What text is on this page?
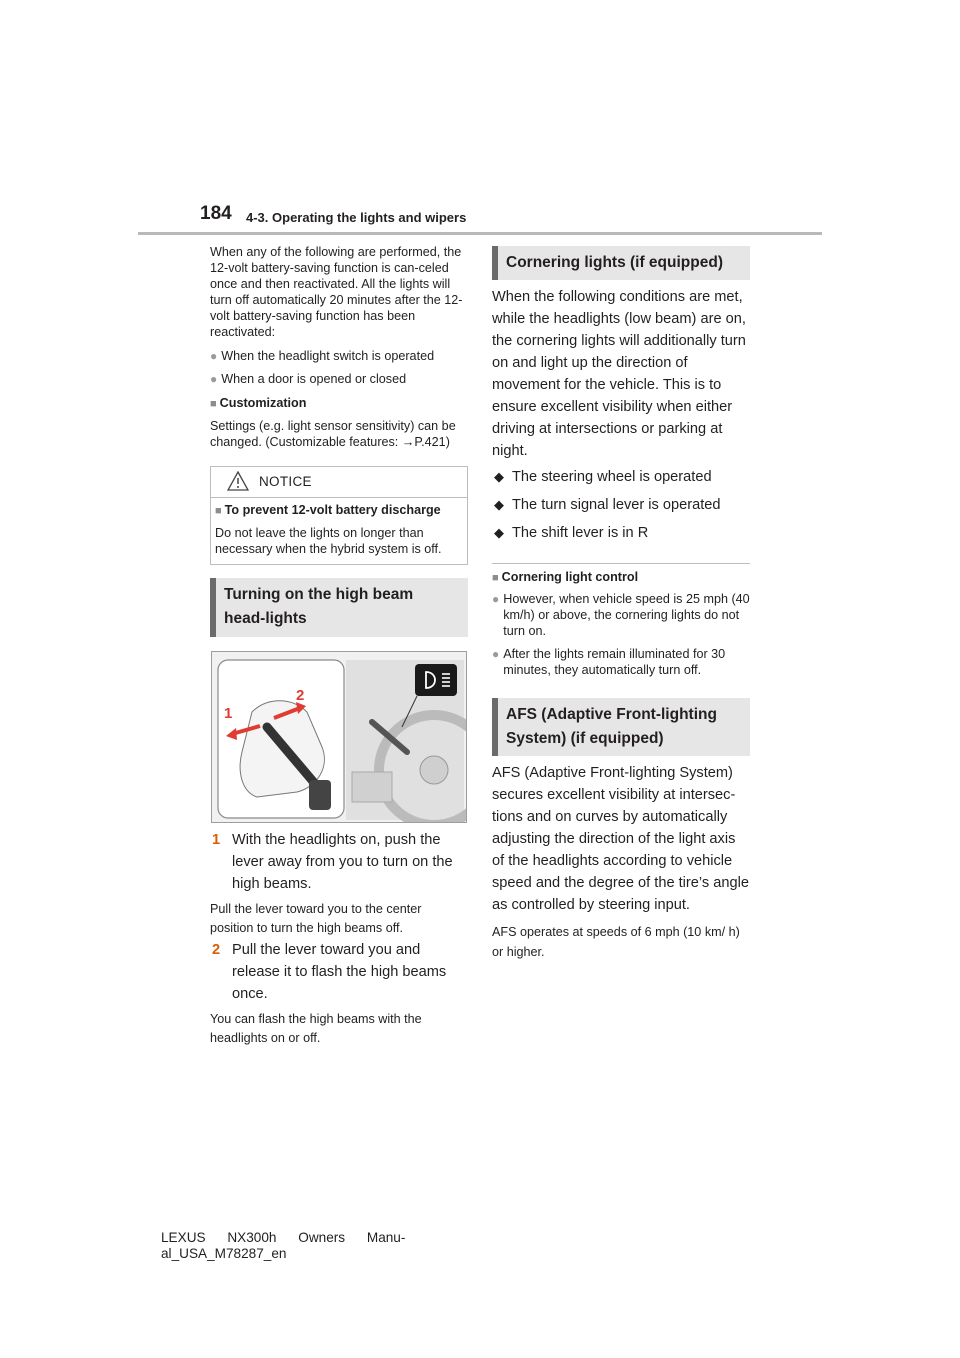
184 4-3. Operating the lights and wipers
When any of the following are performed, the 12-volt battery-saving function is can-celed once and then reactivated. All the lights will turn off automatically 20 minutes after the 12-volt battery-saving function has been reactivated:
● When the headlight switch is operated
● When a door is opened or closed
■ Customization
Settings (e.g. light sensor sensitivity) can be changed. (Customizable features: →P.421)
NOTICE
■ To prevent 12-volt battery discharge
Do not leave the lights on longer than necessary when the hybrid system is off.
Turning on the high beam head-lights
1
2
1 With the headlights on, push the lever away from you to turn on the high beams.
Pull the lever toward you to the center position to turn the high beams off.
2 Pull the lever toward you and release it to flash the high beams once.
You can flash the high beams with the headlights on or off.
Cornering lights (if equipped)
When the following conditions are met, while the headlights (low beam) are on, the cornering lights will additionally turn on and light up the direction of movement for the vehicle. This is to ensure excellent visibility when either driving at intersections or parking at night.
◆ The steering wheel is operated
◆ The turn signal lever is operated
◆ The shift lever is in R
■ Cornering light control
● However, when vehicle speed is 25 mph (40 km/h) or above, the cornering lights do not turn on.
● After the lights remain illuminated for 30 minutes, they automatically turn off.
AFS (Adaptive Front-lighting System) (if equipped)
AFS (Adaptive Front-lighting System) secures excellent visibility at intersec-tions and on curves by automatically adjusting the direction of the light axis of the headlights according to vehicle speed and the degree of the tire’s angle as controlled by steering input.
AFS operates at speeds of 6 mph (10 km/ h) or higher.
LEXUS NX300h Owners Manu-
al_USA_M78287_en
